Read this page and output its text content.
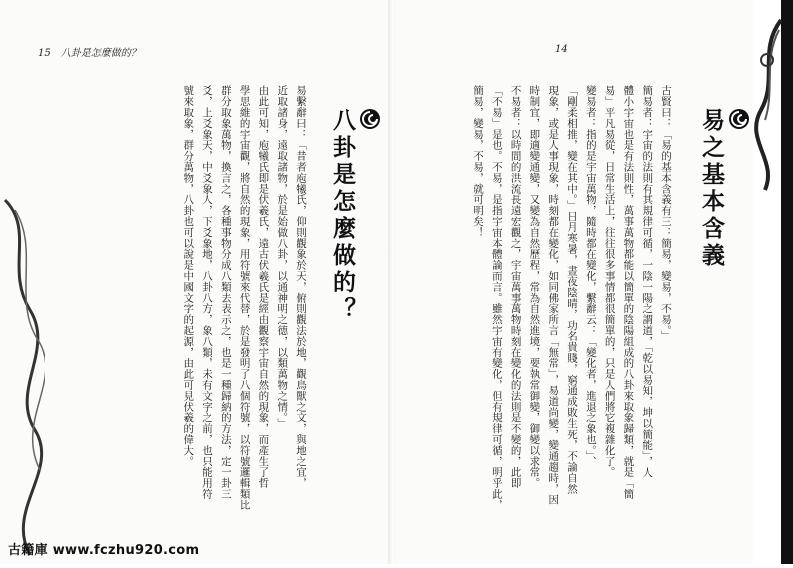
15　八卦是怎麼做的？
八卦是怎麼做的？
易繫辭曰：「昔者庖犧氏，仰則觀象於天，俯則觀法於地，觀鳥獸之文，與地之宜，
近取諸身，遠取諸物，於是始做八卦，以通神明之德，以類萬物之情。」
由此可知，庖犧氏即是伏羲氏，遠古伏羲氏是經由觀察宇宙自然的現象，而產生了哲
學思維的宇宙觀，將自然的現象，用符號來代替，於是發明了八個符號，以符號邏輯類比
群分取象萬物，換言之，各種事物分成八類去表示之，也是一種歸納的方法，定一卦三
爻，上爻象天，中爻象人，下爻象地，八卦八方，象八類，未有文字之前，也只能用符
號來取象，群分萬物，八卦也可以說是中國文字的起源，由此可見伏羲的偉大。
古籍庫 www.fczhu920.com
14
易之基本含義
古賢曰：「易的基本含義有三：簡易，變易，不易。」
簡易者：宇宙的法則有其規律可循，一陰一陽之謂道，「乾以易知，坤以簡能」，人
體小宇宙也是有法則性，萬事萬物都能以簡單的陰陽組成的八卦來取象歸類，就是「簡
易」平凡易從，日常生活上，往往很多事情都很簡單的，只是人們將它複雜化了。
變易者：指的是宇宙萬物，隨時都在變化，繫辭云：「變化者，進退之象也。」、
「剛柔相推，變在其中。」日月寒暑，晝夜陰晴，功名貴賤，窮通成敗生死，不論自然
現象，或是人事現象，時刻都在變化，如同佛家所言「無常」，易道尚變，變通趨時，因
時制宜，即適變通變，又變為自然歷程，常為自然進境，要執常御變，御變以求常。
不易者：以時間的洪流長遠宏觀之，宇宙萬事萬物時刻在變化的法則是不變的，此即
「不易」是也。不易，是指宇宙本體論而言。雖然宇宙有變化，但有規律可循，明乎此，
簡易，變易，不易，就可明矣！
